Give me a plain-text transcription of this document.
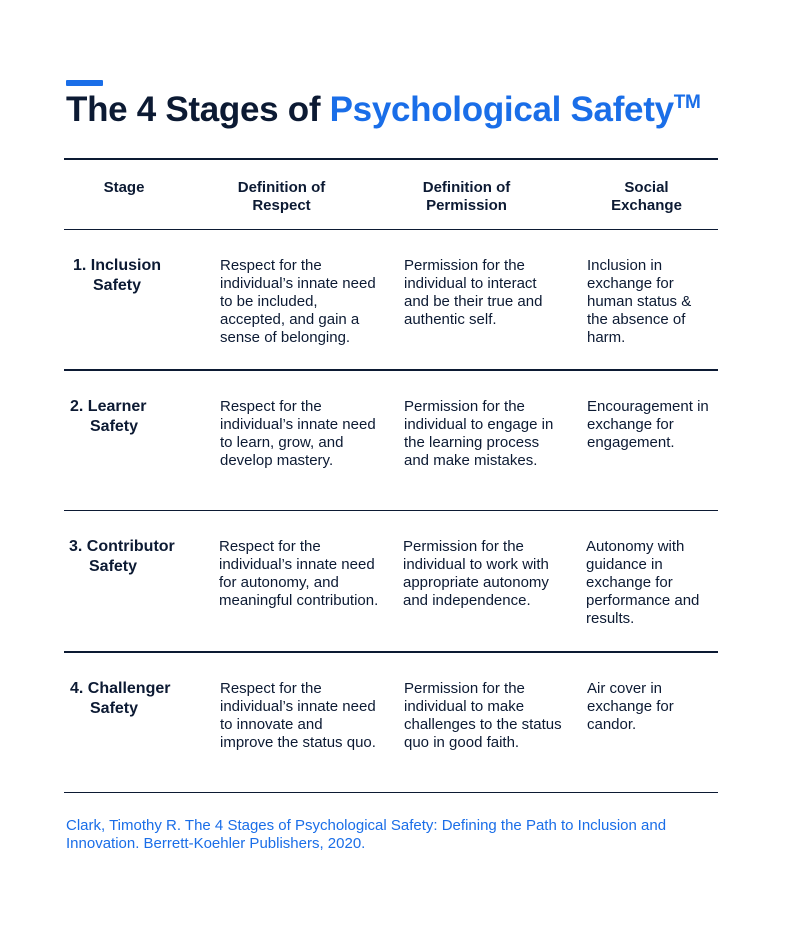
The 4 Stages of Psychological Safety™
Stage	Definition of
Respect
Definition of
Permission
Social
Exchange
1. Inclusion
Safety
Respect for the individual’s innate need to be included, accepted, and gain a sense of belonging.
Permission for the individual to interact and be their true and authentic self.
Inclusion in exchange for human status & the absence of harm.
2. Learner
Safety
Respect for the individual’s innate need to learn, grow, and develop mastery.
Permission for the individual to engage in the learning process and make mistakes.
Encouragement in exchange for engagement.
3. Contributor
Safety
Respect for the individual’s innate need for autonomy, and meaningful contribution.
Permission for the individual to work with appropriate autonomy and independence.
Autonomy with guidance in exchange for performance and results.
4. Challenger
Safety
Respect for the individual’s innate need to innovate and improve the status quo.
Permission for the individual to make challenges to the status quo in good faith.
Air cover in exchange for candor.

Clark, Timothy R. The 4 Stages of Psychological Safety: Defining the Path to Inclusion and Innovation. Berrett-Koehler Publishers, 2020.
